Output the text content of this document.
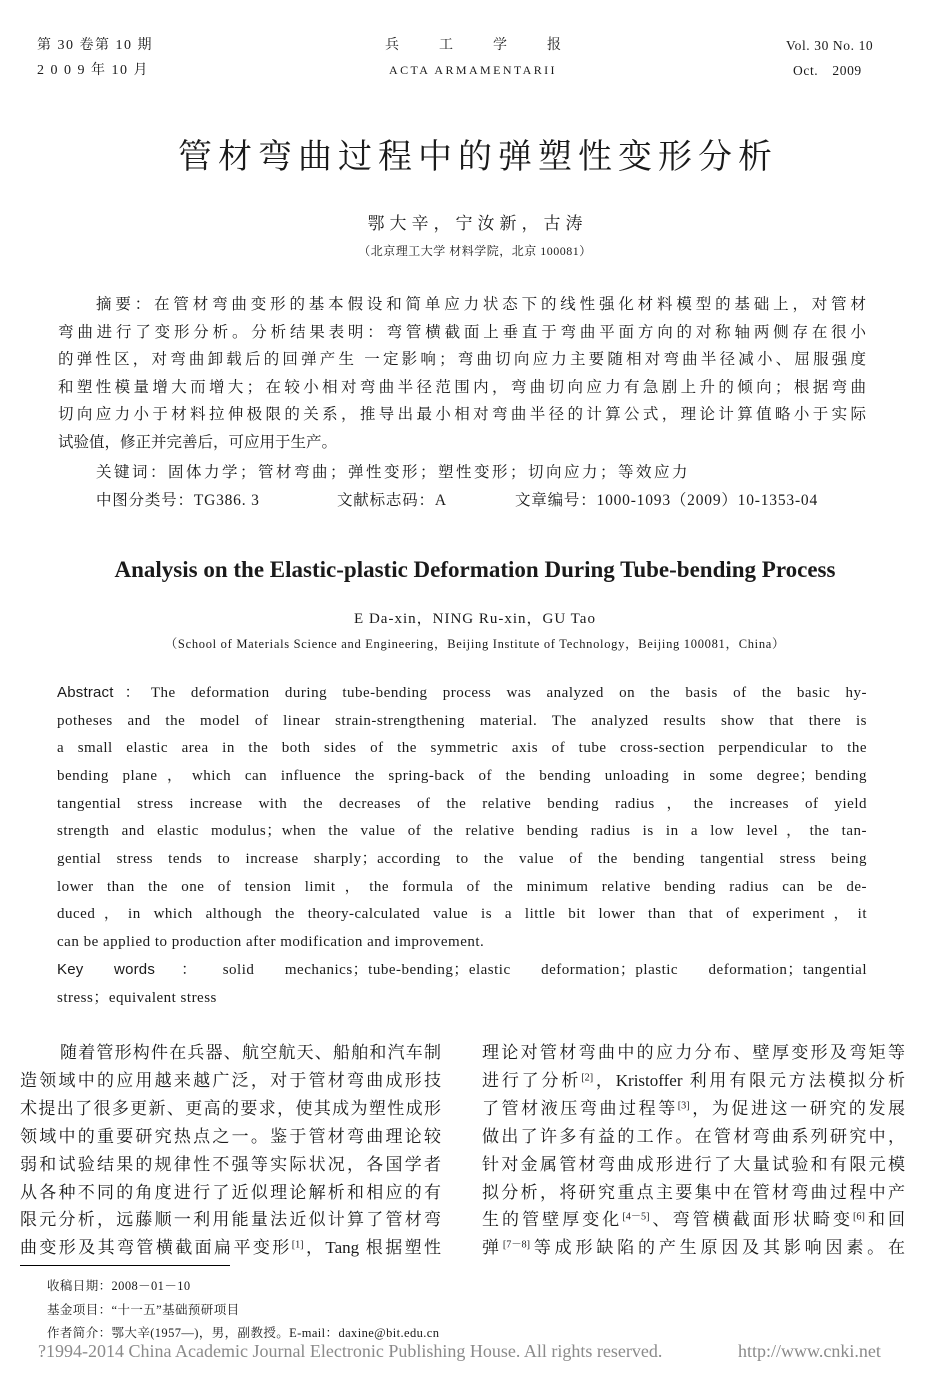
第 30 卷第 10 期
2 0 0 9 年 10 月
兵　工　学　报
ACTA ARMAMENTARII
Vol. 30 No. 10
Oct.　2009
管材弯曲过程中的弹塑性变形分析
鄂大辛，宁汝新，古涛
（北京理工大学 材料学院，北京 100081）
摘要：在管材弯曲变形的基本假设和简单应力状态下的线性强化材料模型的基础上，对管材
弯曲进行了变形分析。分析结果表明：弯管横截面上垂直于弯曲平面方向的对称轴两侧存在很小
的弹性区，对弯曲卸载后的回弹产生 一定影响；弯曲切向应力主要随相对弯曲半径减小、屈服强度
和塑性模量增大而增大；在较小相对弯曲半径范围内，弯曲切向应力有急剧上升的倾向；根据弯曲
切向应力小于材料拉伸极限的关系，推导出最小相对弯曲半径的计算公式，理论计算值略小于实际
试验值，修正并完善后，可应用于生产。
关键词：固体力学；管材弯曲；弹性变形；塑性变形；切向应力；等效应力
中图分类号：TG386. 3	文献标志码：A	文章编号：1000-1093（2009）10-1353-04
Analysis on the Elastic-plastic Deformation During Tube-bending Process
E Da-xin，NING Ru-xin，GU Tao
（School of Materials Science and Engineering，Beijing Institute of Technology，Beijing 100081，China）
Abstract：The deformation during tube-bending process was analyzed on the basis of the basic hy-
potheses and the model of linear strain-strengthening material. The analyzed results show that there is
a small elastic area in the both sides of the symmetric axis of tube cross-section perpendicular to the
bending plane，which can influence the spring-back of the bending unloading in some degree；bending
tangential stress increase with the decreases of the relative bending radius，the increases of yield
strength and elastic modulus；when the value of the relative bending radius is in a low level，the tan-
gential stress tends to increase sharply；according to the value of the bending tangential stress being
lower than the one of tension limit，the formula of the minimum relative bending radius can be de-
duced，in which although the theory-calculated value is a little bit lower than that of experiment，it
can be applied to production after modification and improvement.
Key words：solid mechanics；tube-bending；elastic deformation；plastic deformation；tangential
stress；equivalent stress
随着管形构件在兵器、航空航天、船舶和汽车制
造领域中的应用越来越广泛，对于管材弯曲成形技
术提出了很多更新、更高的要求，使其成为塑性成形
领域中的重要研究热点之一。鉴于管材弯曲理论较
弱和试验结果的规律性不强等实际状况，各国学者
从各种不同的角度进行了近似理论解析和相应的有
限元分析，远藤顺一利用能量法近似计算了管材弯
曲变形及其弯管横截面扁平变形[1]，Tang 根据塑性
理论对管材弯曲中的应力分布、壁厚变形及弯矩等
进行了分析[2]，Kristoffer 利用有限元方法模拟分析
了管材液压弯曲过程等[3]，为促进这一研究的发展
做出了许多有益的工作。在管材弯曲系列研究中，
针对金属管材弯曲成形进行了大量试验和有限元模
拟分析，将研究重点主要集中在管材弯曲过程中产
生的管壁厚变化[4－5]、弯管横截面形状畸变[6]和回
弹[7－8]等成形缺陷的产生原因及其影响因素。在
收稿日期：2008－01－10
基金项目：“十一五”基础预研项目
作者简介：鄂大辛(1957—)，男，副教授。E-mail：daxine@bit.edu.cn
?1994-2014 China Academic Journal Electronic Publishing House. All rights reserved.	http://www.cnki.net
